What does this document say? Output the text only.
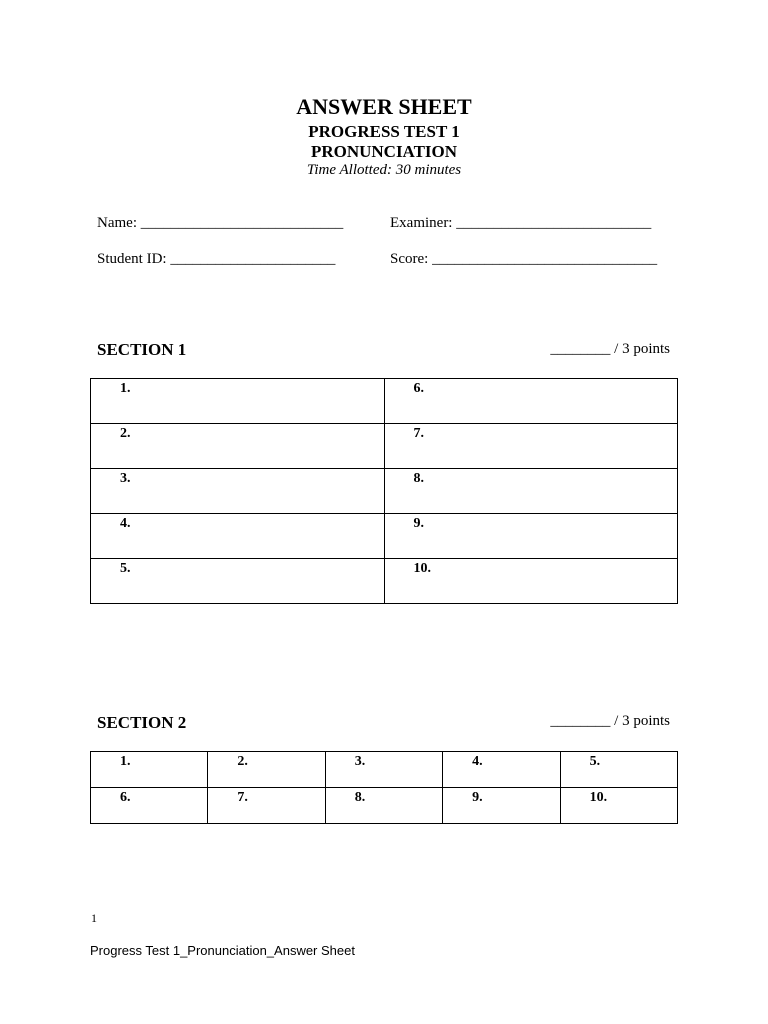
ANSWER SHEET
PROGRESS TEST 1
PRONUNCIATION
Time Allotted: 30 minutes
Name: ___________________________	Examiner: __________________________
Student ID: ______________________	Score: ______________________________
SECTION 1	________ / 3 points
1.	6.
2.	7.
3.	8.
4.	9.
5.	10.
SECTION 2	________ / 3 points
1.	2.	3.	4.	5.
6.	7.	8.	9.	10.
1
Progress Test 1_Pronunciation_Answer Sheet
